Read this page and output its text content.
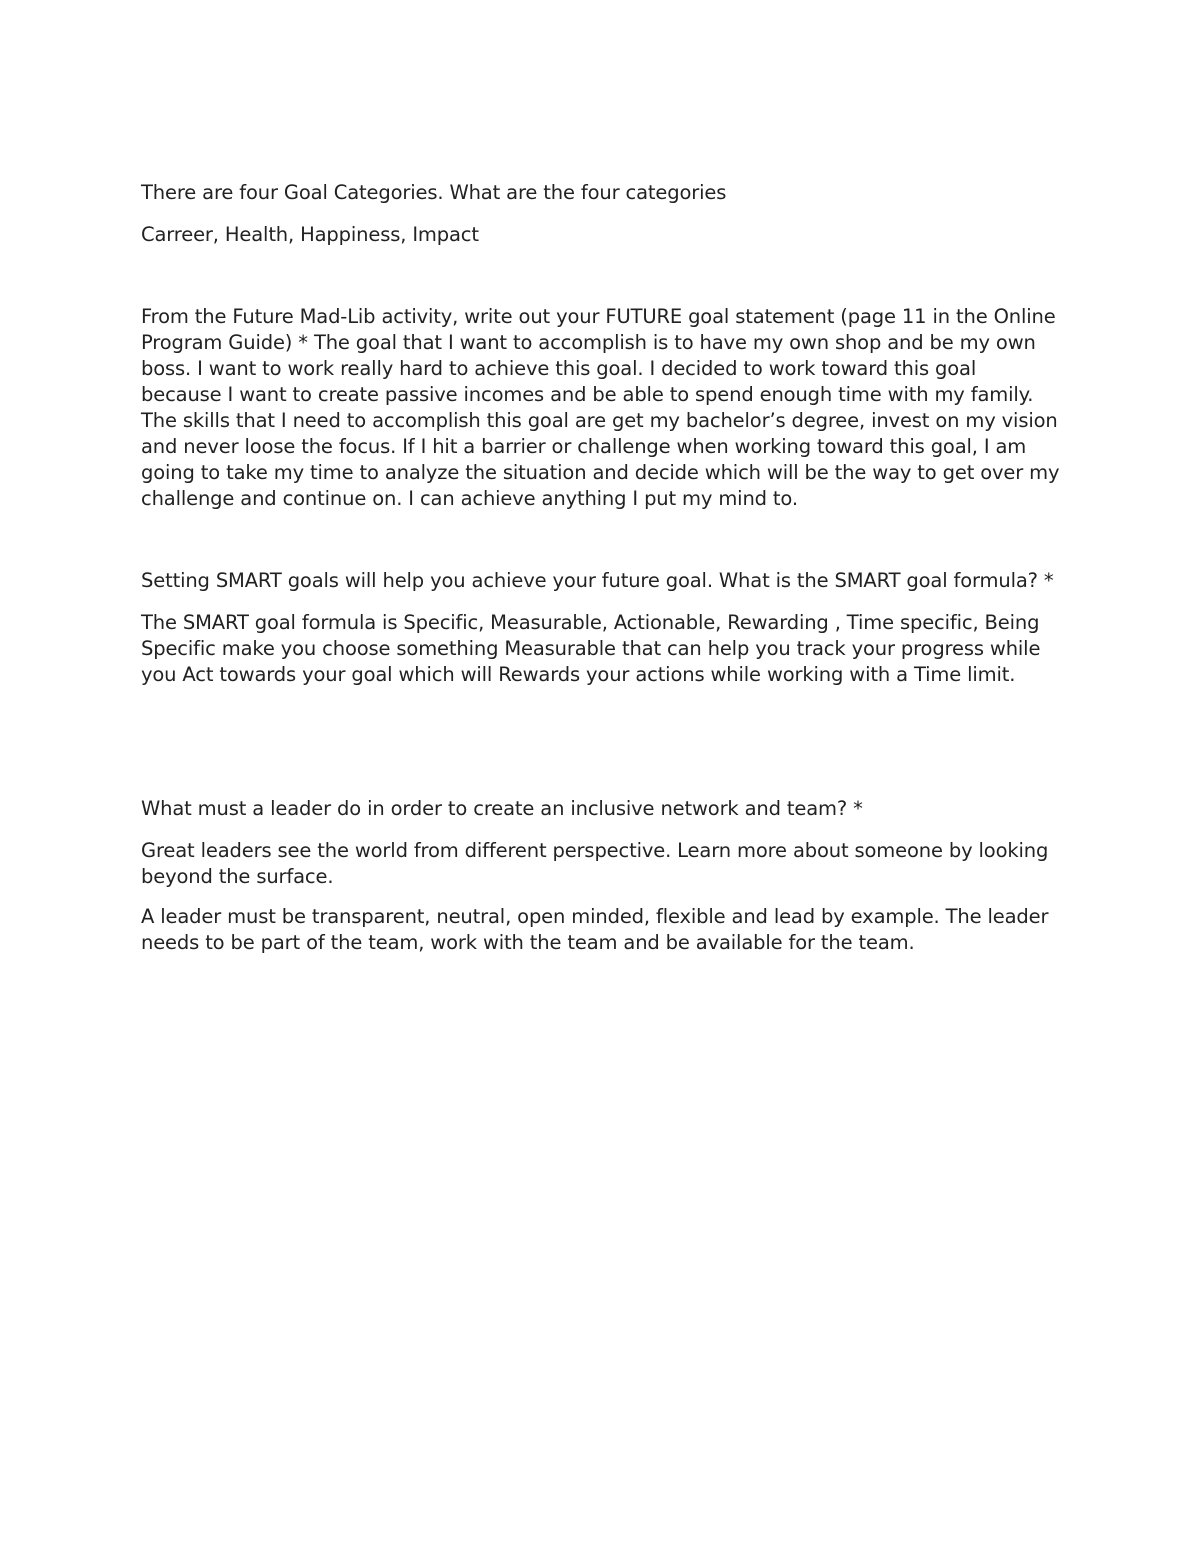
There are four Goal Categories. What are the four categories

Carreer, Health, Happiness, Impact

From the Future Mad-Lib activity, write out your FUTURE goal statement (page 11 in the Online Program Guide) * The goal that I want to accomplish is to have my own shop and be my own boss. I want to work really hard to achieve this goal. I decided to work toward this goal because I want to create passive incomes and be able to spend enough time with my family. The skills that I need to accomplish this goal are get my bachelor’s degree, invest on my vision and never loose the focus. If I hit a barrier or challenge when working toward this goal, I am going to take my time to analyze the situation and decide which will be the way to get over my challenge and continue on. I can achieve anything I put my mind to.

Setting SMART goals will help you achieve your future goal. What is the SMART goal formula? *

The SMART goal formula is Specific, Measurable, Actionable, Rewarding , Time specific, Being Specific make you choose something Measurable that can help you track your progress while you Act towards your goal which will Rewards your actions while working with a Time limit.

What must a leader do in order to create an inclusive network and team? *

Great leaders see the world from different perspective. Learn more about someone by looking beyond the surface.

A leader must be transparent, neutral, open minded, flexible and lead by example. The leader needs to be part of the team, work with the team and be available for the team.
